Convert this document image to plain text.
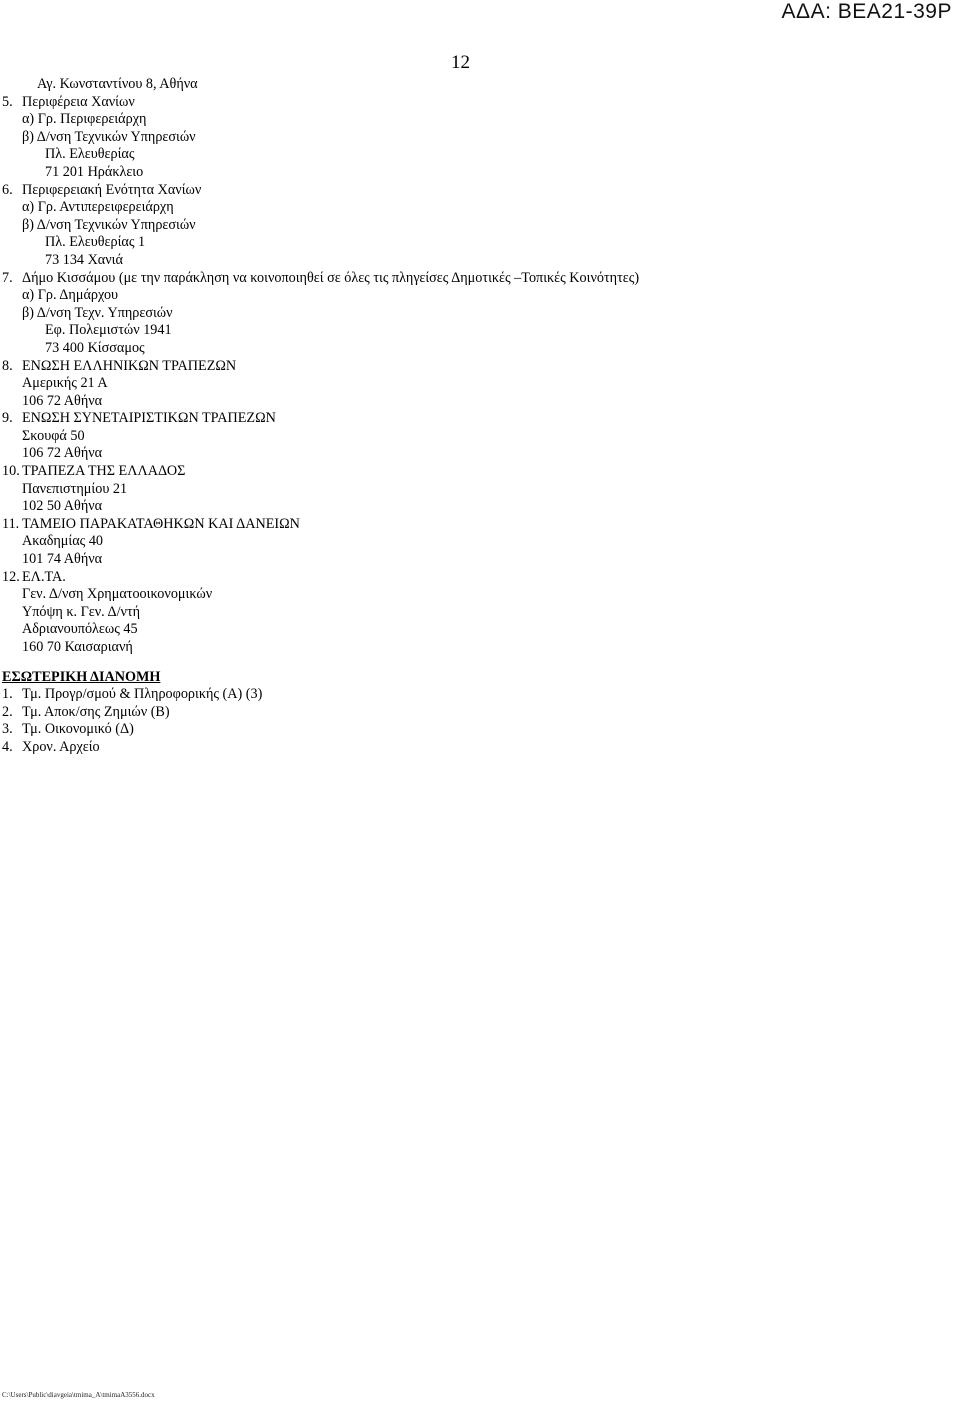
ΑΔΑ: ΒΕΑ21-39Ρ
12
Αγ. Κωνσταντίνου 8, Αθήνα
5. Περιφέρεια Χανίων
α) Γρ. Περιφερειάρχη
β) Δ/νση Τεχνικών Υπηρεσιών
Πλ. Ελευθερίας
71 201 Ηράκλειο
6. Περιφερειακή Ενότητα Χανίων
α) Γρ. Αντιπερειφερειάρχη
β) Δ/νση Τεχνικών Υπηρεσιών
Πλ. Ελευθερίας 1
73 134 Χανιά
7. Δήμο Κισσάμου (με την παράκληση να κοινοποιηθεί σε όλες τις πληγείσες Δημοτικές –Τοπικές Κοινότητες)
α) Γρ. Δημάρχου
β) Δ/νση Τεχν. Υπηρεσιών
Εφ. Πολεμιστών 1941
73 400 Κίσσαμος
8. ΕΝΩΣΗ ΕΛΛΗΝΙΚΩΝ ΤΡΑΠΕΖΩΝ
Αμερικής 21 Α
106 72 Αθήνα
9. ΕΝΩΣΗ ΣΥΝΕΤΑΙΡΙΣΤΙΚΩΝ ΤΡΑΠΕΖΩΝ
Σκουφά 50
106 72 Αθήνα
10. ΤΡΑΠΕΖΑ ΤΗΣ ΕΛΛΑΔΟΣ
Πανεπιστημίου 21
102 50 Αθήνα
11. ΤΑΜΕΙΟ ΠΑΡΑΚΑΤΑΘΗΚΩΝ ΚΑΙ ΔΑΝΕΙΩΝ
Ακαδημίας 40
101 74 Αθήνα
12. ΕΛ.ΤΑ.
Γεν. Δ/νση Χρηματοοικονομικών
Υπόψη κ. Γεν. Δ/ντή
Αδριανουπόλεως 45
160 70 Καισαριανή
ΕΣΩΤΕΡΙΚΗ ΔΙΑΝΟΜΗ
1. Τμ. Προγρ/σμού & Πληροφορικής (Α) (3)
2. Τμ. Αποκ/σης Ζημιών (Β)
3. Τμ. Οικονομικό (Δ)
4. Χρον. Αρχείο
C:\Users\Public\diavgeia\tmima_A\tmimaA3556.docx
